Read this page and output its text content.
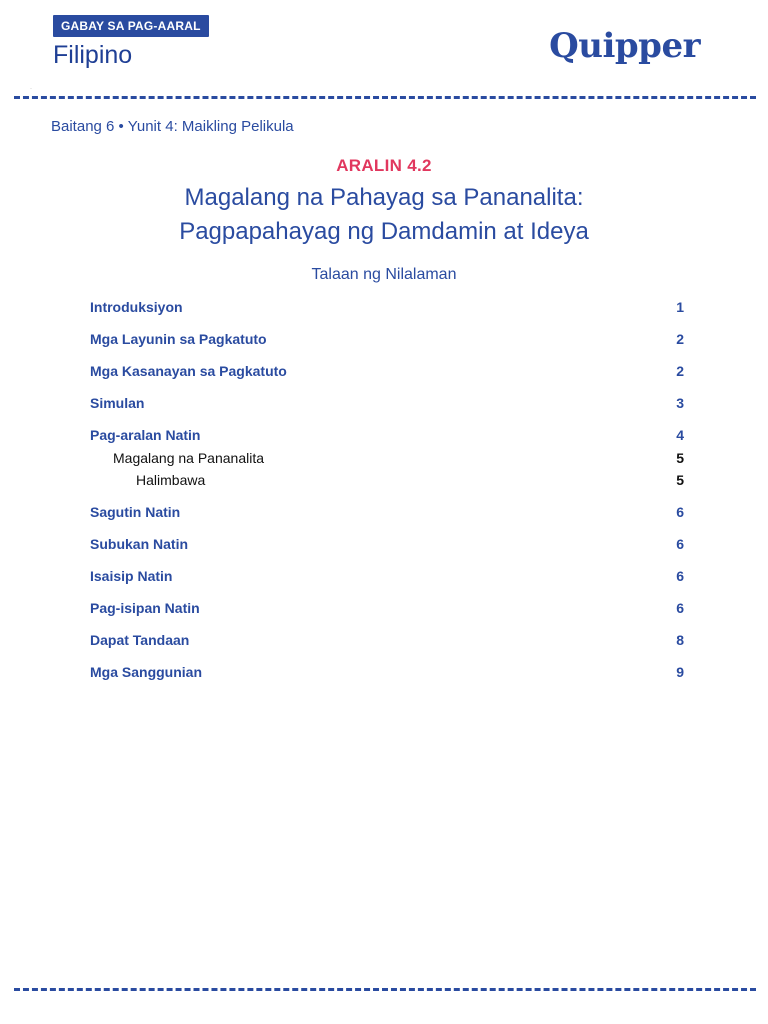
GABAY SA PAG-AARAL
Filipino	Quipper
·
Baitang 6 • Yunit 4: Maikling Pelikula
ARALIN 4.2
Magalang na Pahayag sa Pananalita:
Pagpapahayag ng Damdamin at Ideya
Talaan ng Nilalaman
Introduksiyon	1
Mga Layunin sa Pagkatuto	2
Mga Kasanayan sa Pagkatuto	2
Simulan	3
Pag-aralan Natin	4
Magalang na Pananalita	5
Halimbawa	5
Sagutin Natin	6
Subukan Natin	6
Isaisip Natin	6
Pag-isipan Natin	6
Dapat Tandaan	8
Mga Sanggunian	9
